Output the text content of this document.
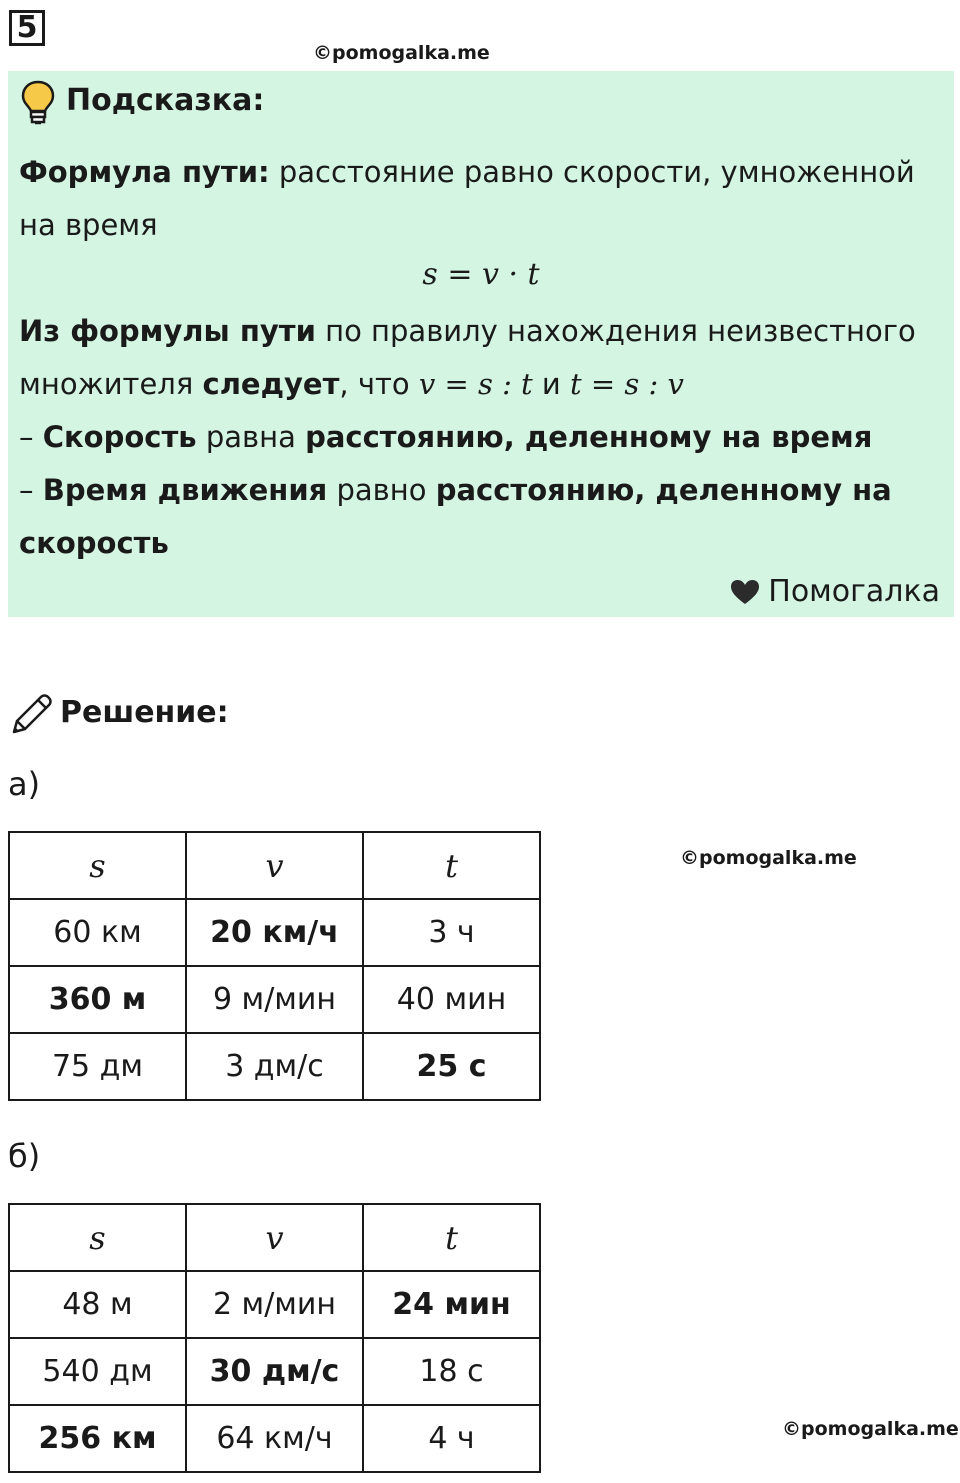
5
©pomogalka.me
Подсказка:
Формула пути: расстояние равно скорости, умноженной
на время
s = v · t
Из формулы пути по правилу нахождения неизвестного
множителя следует, что v = s : t и t = s : v
– Скорость равна расстоянию, деленному на время
– Время движения равно расстоянию, деленному на
скорость
Помогалка
Решение:
а)
s	v	t
60 км	20 км/ч	3 ч
360 м	9 м/мин	40 мин
75 дм	3 дм/с	25 с
©pomogalka.me
б)
s	v	t
48 м	2 м/мин	24 мин
540 дм	30 дм/с	18 с
256 км	64 км/ч	4 ч	©pomogalka.me
